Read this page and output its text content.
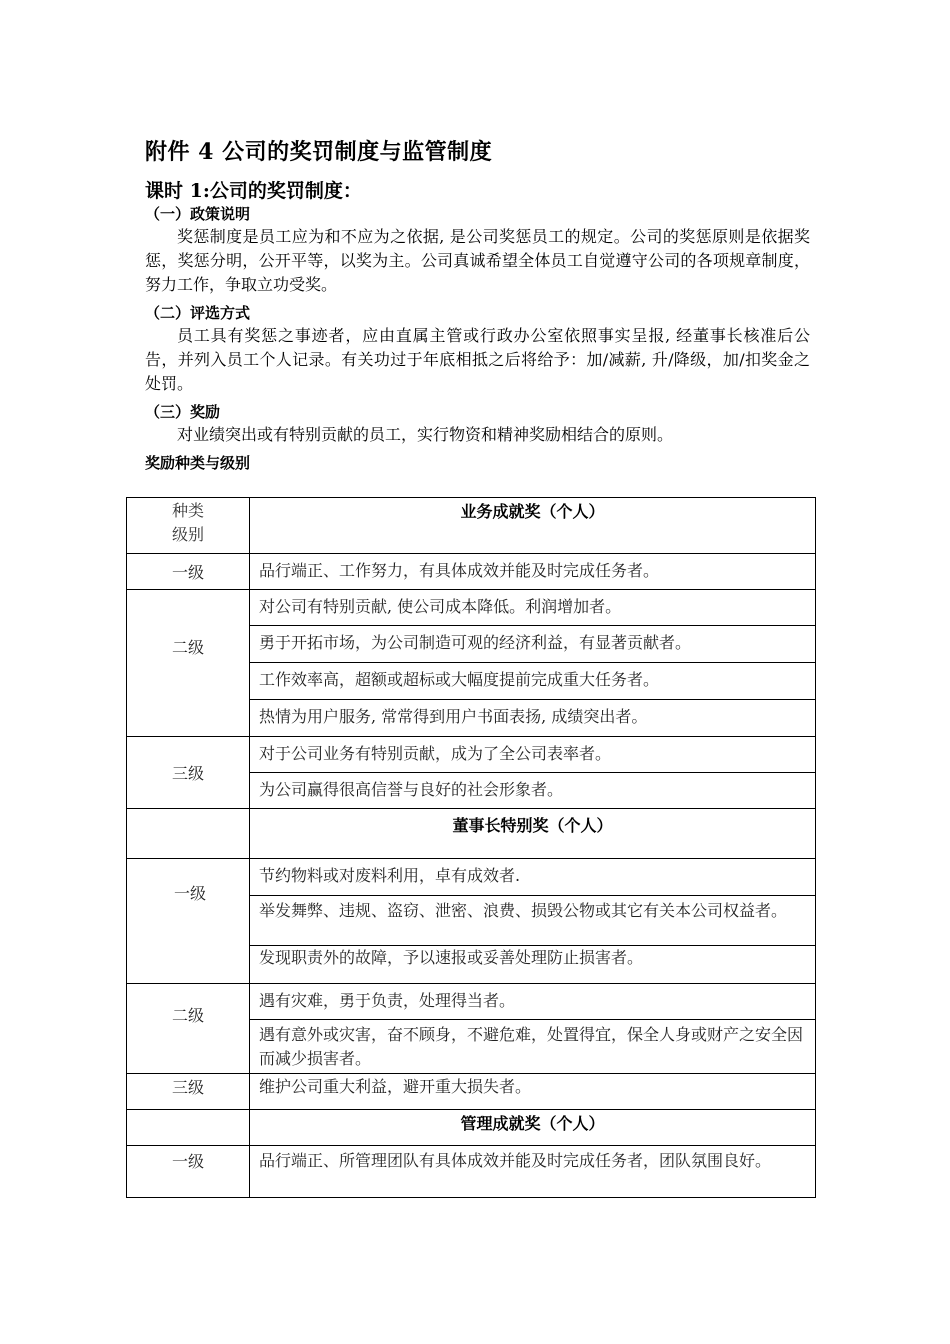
附件 4 公司的奖罚制度与监管制度
课时 1:公司的奖罚制度：
（一）政策说明
奖惩制度是员工应为和不应为之依据, 是公司奖惩员工的规定。公司的奖惩原则是依据奖惩，奖惩分明，公开平等，以奖为主。公司真诚希望全体员工自觉遵守公司的各项规章制度，努力工作，争取立功受奖。
（二）评选方式
员工具有奖惩之事迹者，应由直属主管或行政办公室依照事实呈报, 经董事长核准后公告，并列入员工个人记录。有关功过于年底相抵之后将给予：加/减薪, 升/降级，加/扣奖金之处罚。
（三）奖励
对业绩突出或有特别贡献的员工，实行物资和精神奖励相结合的原则。
奖励种类与级别
种类
级别	业务成就奖（个人）
一级	品行端正、工作努力，有具体成效并能及时完成任务者。
二级	对公司有特别贡献, 使公司成本降低。利润增加者。
	勇于开拓市场，为公司制造可观的经济利益，有显著贡献者。
	工作效率高，超额或超标或大幅度提前完成重大任务者。
	热情为用户服务, 常常得到用户书面表扬, 成绩突出者。
三级	对于公司业务有特别贡献，成为了全公司表率者。
	为公司赢得很高信誉与良好的社会形象者。
	董事长特别奖（个人）
一级	节约物料或对废料利用，卓有成效者.
	举发舞弊、违规、盗窃、泄密、浪费、损毁公物或其它有关本公司权益者。
	发现职责外的故障，予以速报或妥善处理防止损害者。
二级	遇有灾难，勇于负责，处理得当者。
	遇有意外或灾害，奋不顾身，不避危难，处置得宜，保全人身或财产之安全因而减少损害者。
三级	维护公司重大利益，避开重大损失者。
	管理成就奖（个人）
一级	品行端正、所管理团队有具体成效并能及时完成任务者，团队氛围良好。
